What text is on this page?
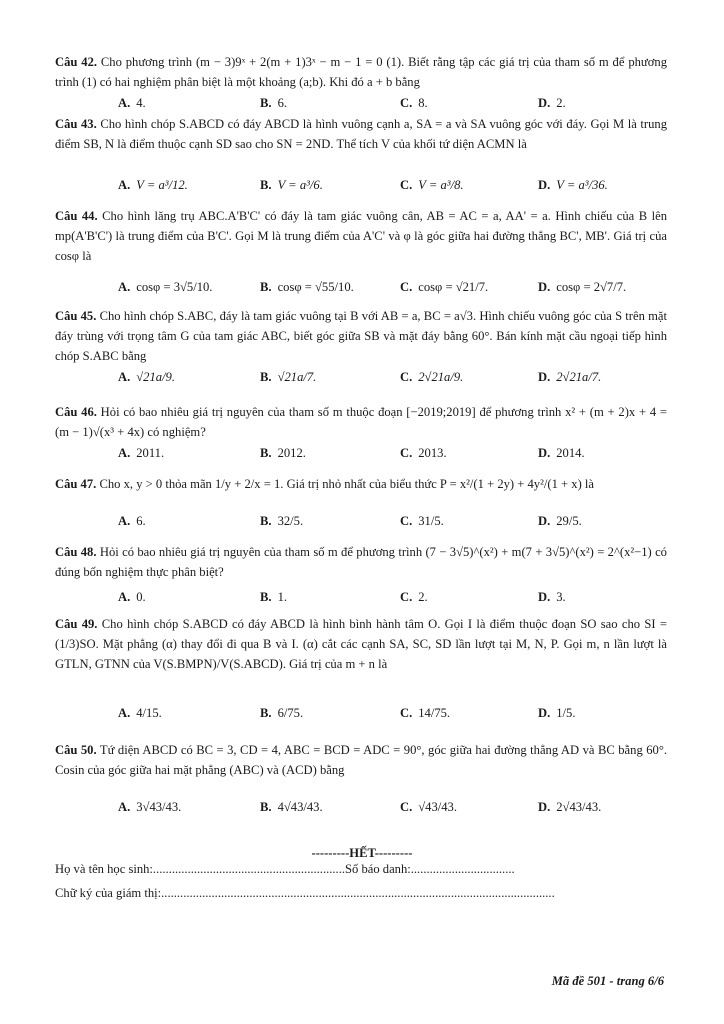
Câu 42. Cho phương trình (m − 3)9ˣ + 2(m + 1)3ˣ − m − 1 = 0 (1). Biết rằng tập các giá trị của tham số m để phương trình (1) có hai nghiệm phân biệt là một khoảng (a;b). Khi đó a + b bằng

A. 4.	B. 6.	C. 8.	D. 2.

Câu 43. Cho hình chóp S.ABCD có đáy ABCD là hình vuông cạnh a, SA = a và SA vuông góc với đáy. Gọi M là trung điểm SB, N là điểm thuộc cạnh SD sao cho SN = 2ND. Thể tích V của khối tứ diện ACMN là

A. V = a³/12.	B. V = a³/6.	C. V = a³/8.	D. V = a³/36.

Câu 44. Cho hình lăng trụ ABC.A'B'C' có đáy là tam giác vuông cân, AB = AC = a, AA' = a. Hình chiếu của B lên mp(A'B'C') là trung điểm của B'C'. Gọi M là trung điểm của A'C' và φ là góc giữa hai đường thẳng BC', MB'. Giá trị của cosφ là

A. cosφ = 3√5/10.	B. cosφ = √55/10.	C. cosφ = √21/7.	D. cosφ = 2√7/7.

Câu 45. Cho hình chóp S.ABC, đáy là tam giác vuông tại B với AB = a, BC = a√3. Hình chiếu vuông góc của S trên mặt đáy trùng với trọng tâm G của tam giác ABC, biết góc giữa SB và mặt đáy bằng 60°. Bán kính mặt cầu ngoại tiếp hình chóp S.ABC bằng

A. √21a/9.	B. √21a/7.	C. 2√21a/9.	D. 2√21a/7.

Câu 46. Hỏi có bao nhiêu giá trị nguyên của tham số m thuộc đoạn [−2019;2019] để phương trình x² + (m + 2)x + 4 = (m − 1)√(x³ + 4x) có nghiệm?

A. 2011.	B. 2012.	C. 2013.	D. 2014.

Câu 47. Cho x, y > 0 thỏa mãn 1/y + 2/x = 1. Giá trị nhỏ nhất của biểu thức P = x²/(1 + 2y) + 4y²/(1 + x) là

A. 6.	B. 32/5.	C. 31/5.	D. 29/5.

Câu 48. Hỏi có bao nhiêu giá trị nguyên của tham số m để phương trình (7 − 3√5)^(x²) + m(7 + 3√5)^(x²) = 2^(x²−1) có đúng bốn nghiệm thực phân biệt?

A. 0.	B. 1.	C. 2.	D. 3.

Câu 49. Cho hình chóp S.ABCD có đáy ABCD là hình bình hành tâm O. Gọi I là điểm thuộc đoạn SO sao cho SI = (1/3)SO. Mặt phẳng (α) thay đổi đi qua B và I. (α) cắt các cạnh SA, SC, SD lần lượt tại M, N, P. Gọi m, n lần lượt là GTLN, GTNN của V(S.BMPN)/V(S.ABCD). Giá trị của m + n là

A. 4/15.	B. 6/75.	C. 14/75.	D. 1/5.

Câu 50. Tứ diện ABCD có BC = 3, CD = 4, ABC = BCD = ADC = 90°, góc giữa hai đường thẳng AD và BC bằng 60°. Cosin của góc giữa hai mặt phẳng (ABC) và (ACD) bằng

A. 3√43/43.	B. 4√43/43.	C. √43/43.	D. 2√43/43.
---------HẾT---------
Họ và tên học sinh:.............................................................Số báo danh:.................................
Chữ ký của giám thị:.............................................................................................................................
Mã đề 501 - trang 6/6
